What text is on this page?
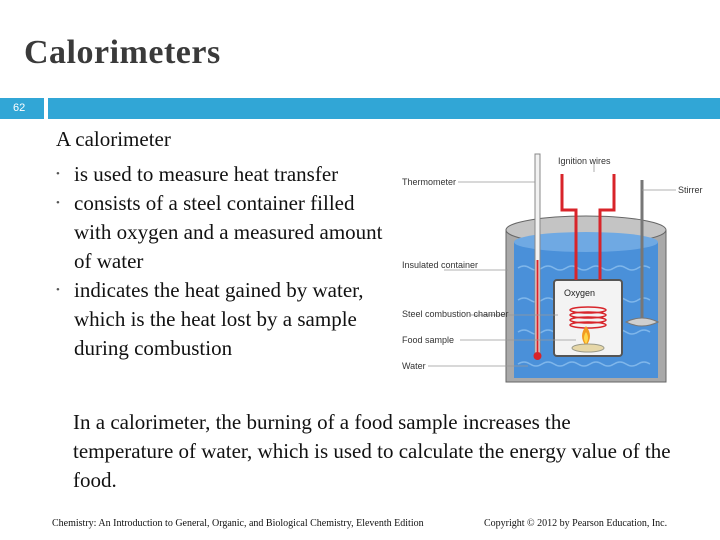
Calorimeters
62
A calorimeter
• is used to measure heat transfer
• consists of a steel container filled with oxygen and a measured amount of water
• indicates the heat gained by water, which is the heat lost by a sample during combustion
Oxygen
Ignition wires
Thermometer
Stirrer
Insulated container
Steel combustion chamber
Food sample
Water
In a calorimeter, the burning of a food sample increases the temperature of water, which is used to calculate the energy value of the food.
Chemistry: An Introduction to General, Organic, and Biological Chemistry, Eleventh Edition	Copyright © 2012 by Pearson Education, Inc.
